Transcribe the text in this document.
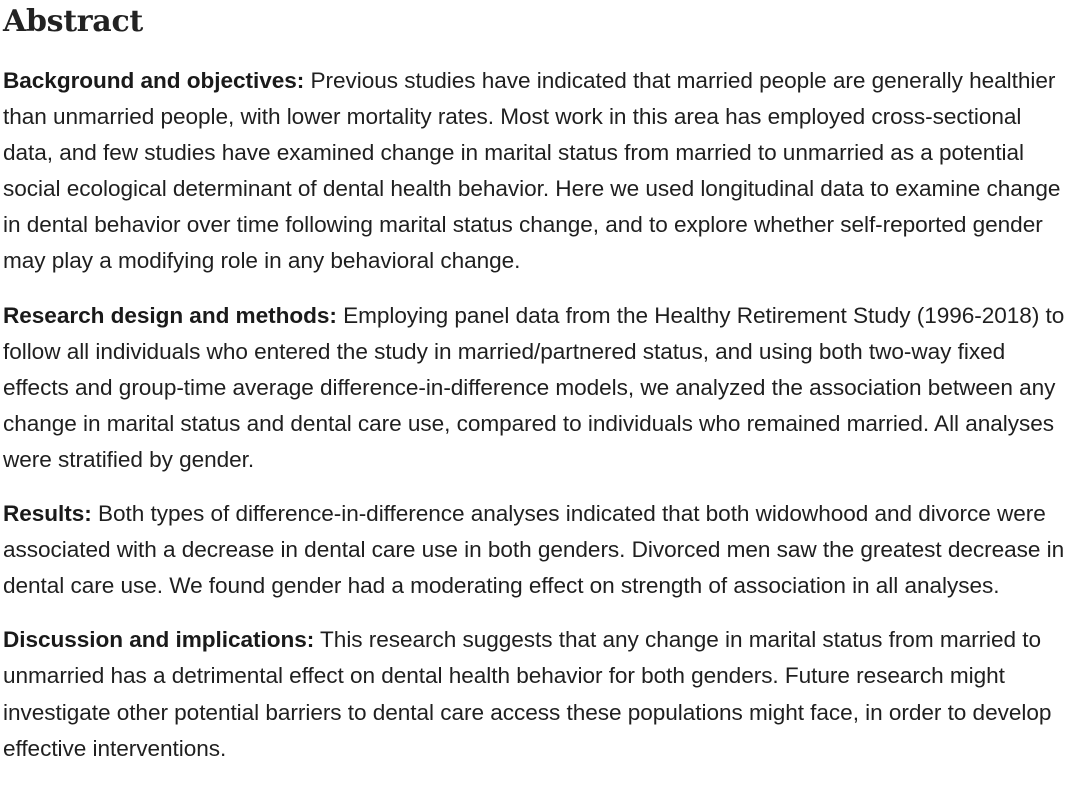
Abstract

Background and objectives: Previous studies have indicated that married people are generally healthier than unmarried people, with lower mortality rates. Most work in this area has employed cross-sectional data, and few studies have examined change in marital status from married to unmarried as a potential social ecological determinant of dental health behavior. Here we used longitudinal data to examine change in dental behavior over time following marital status change, and to explore whether self-reported gender may play a modifying role in any behavioral change.

Research design and methods: Employing panel data from the Healthy Retirement Study (1996-2018) to follow all individuals who entered the study in married/partnered status, and using both two-way fixed effects and group-time average difference-in-difference models, we analyzed the association between any change in marital status and dental care use, compared to individuals who remained married. All analyses were stratified by gender.

Results: Both types of difference-in-difference analyses indicated that both widowhood and divorce were associated with a decrease in dental care use in both genders. Divorced men saw the greatest decrease in dental care use. We found gender had a moderating effect on strength of association in all analyses.

Discussion and implications: This research suggests that any change in marital status from married to unmarried has a detrimental effect on dental health behavior for both genders. Future research might investigate other potential barriers to dental care access these populations might face, in order to develop effective interventions.
